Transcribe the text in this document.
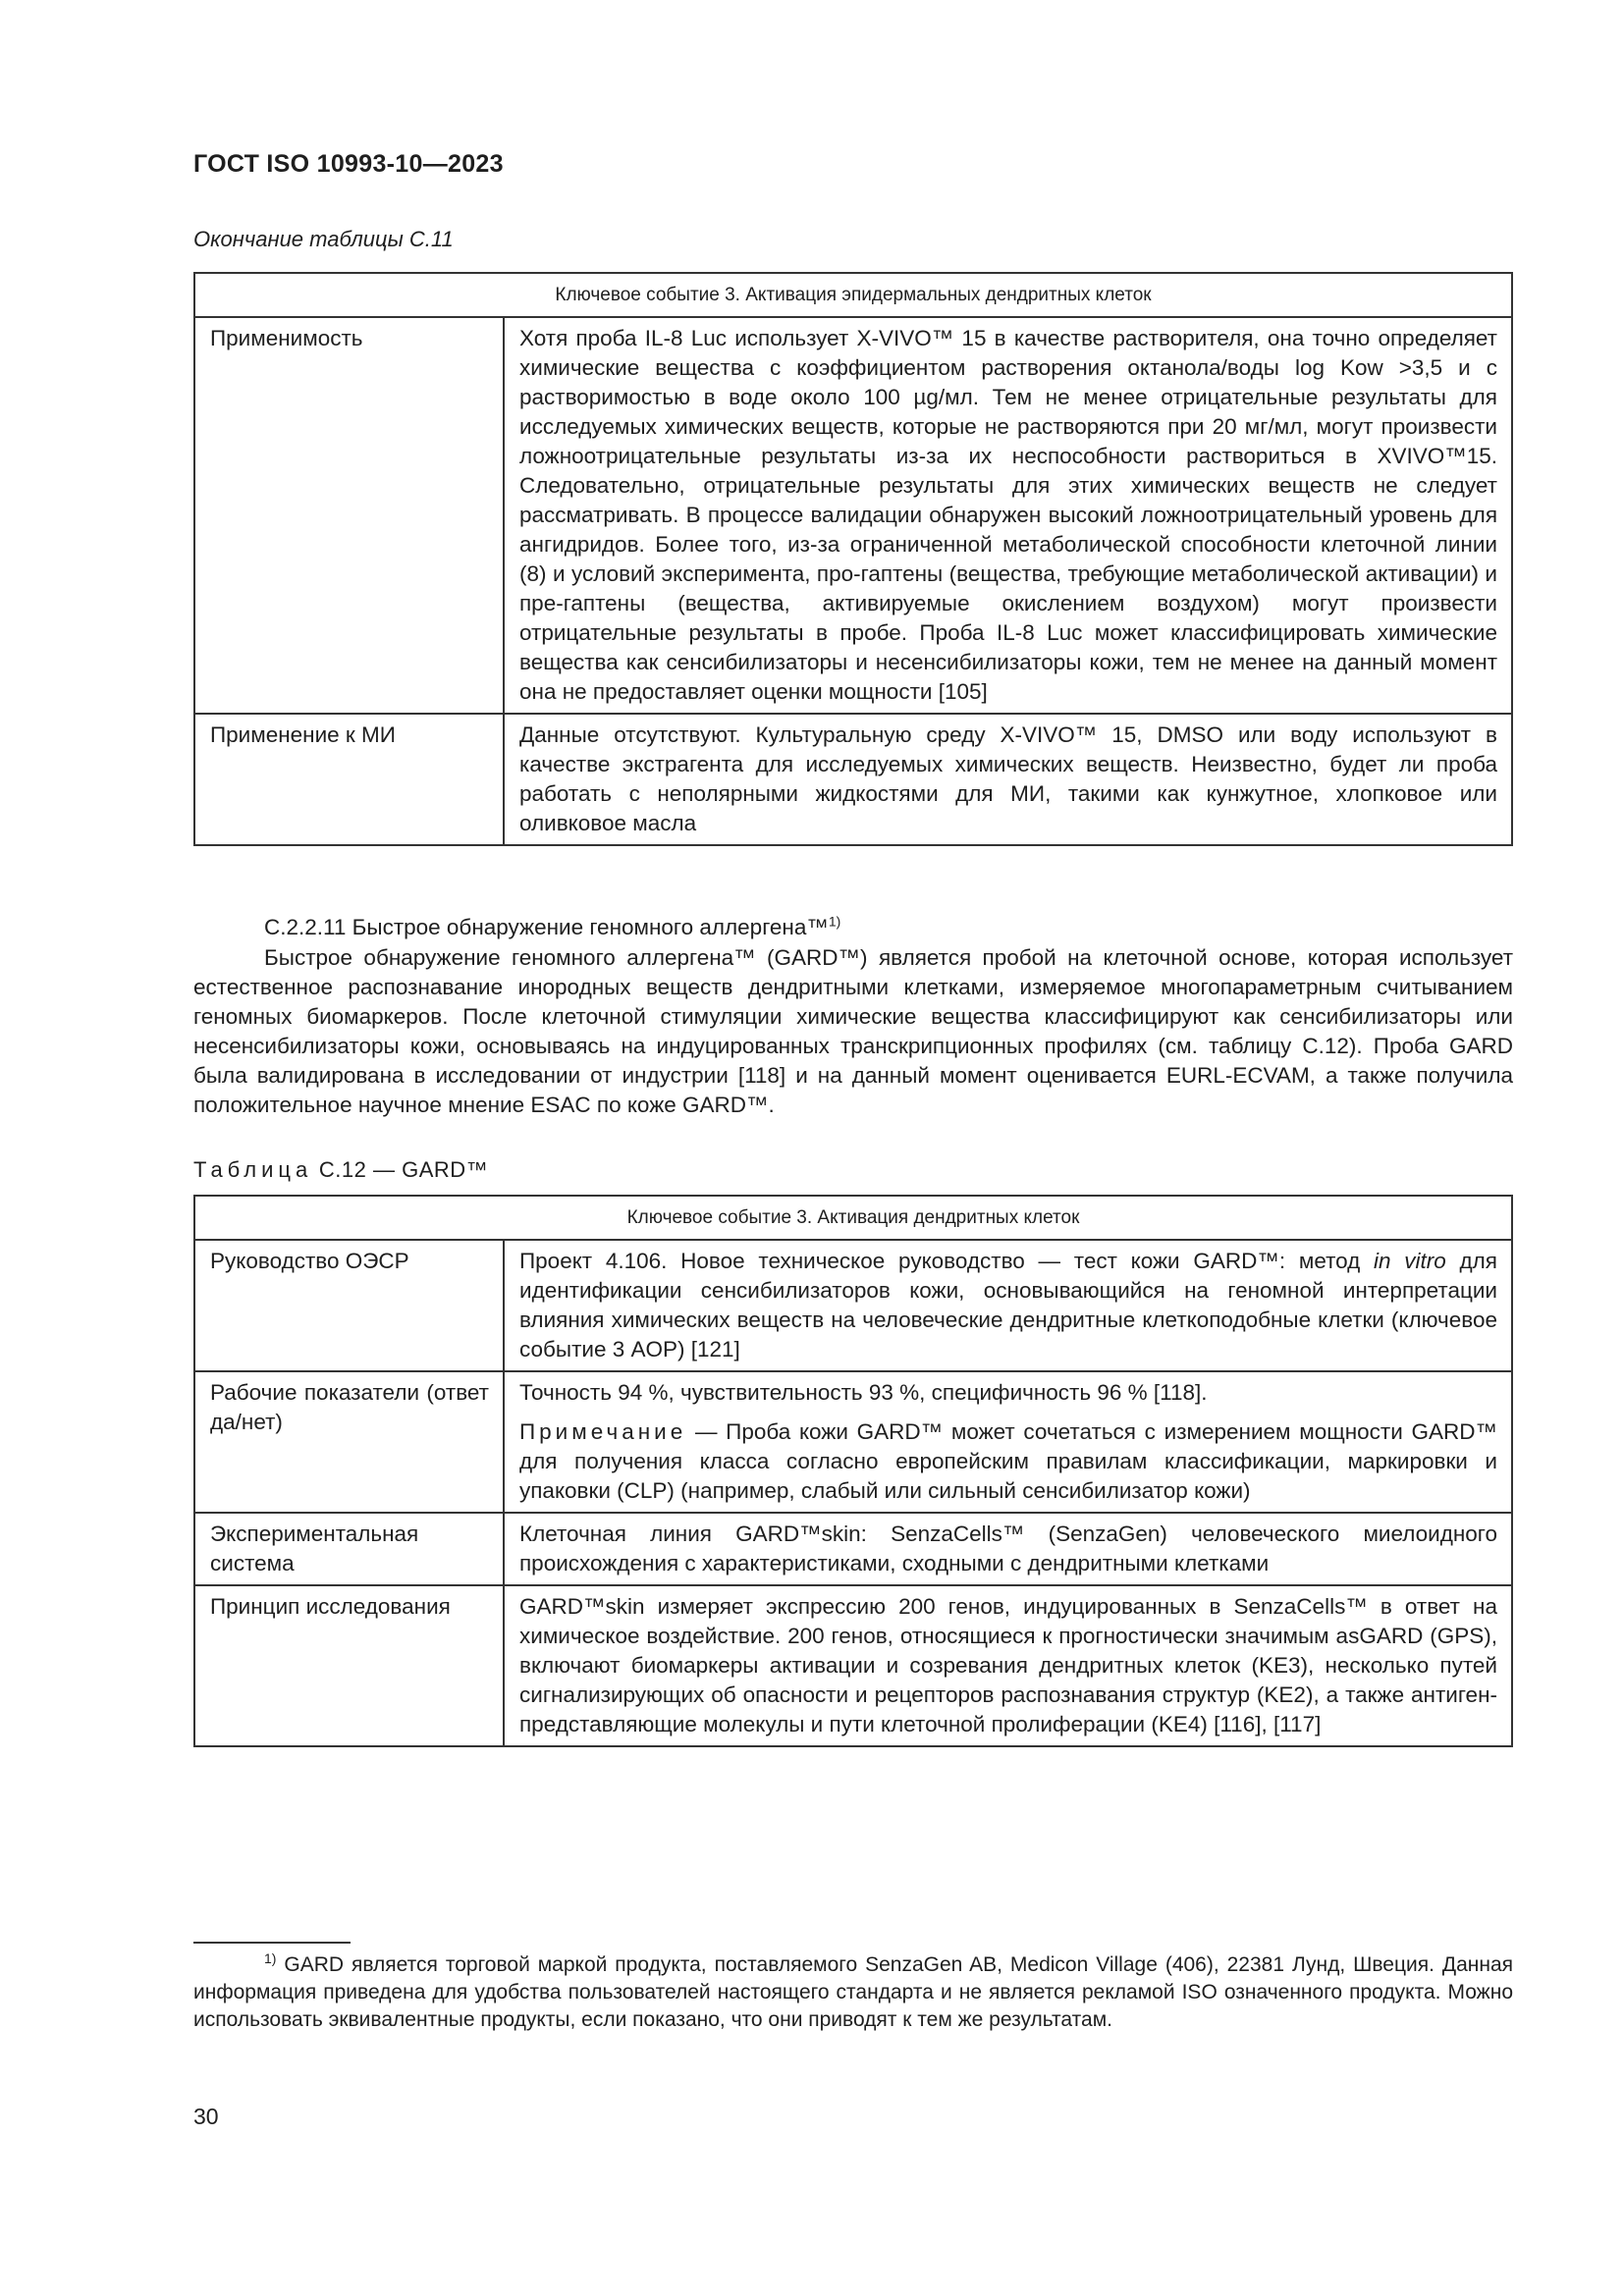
ГОСТ ISO 10993-10—2023
Окончание таблицы С.11
Ключевое событие 3. Активация эпидермальных дендритных клеток	
Применимость	Хотя проба IL-8 Luc использует X-VIVO™ 15 в качестве растворителя, она точно определяет химические вещества с коэффициентом растворения октанола/воды log Kow >3,5 и с растворимостью в воде около 100 µg/мл. Тем не менее отрицательные результаты для исследуемых химических веществ, которые не растворяются при 20 мг/мл, могут произвести ложноотрицательные результаты из-за их неспособности раствориться в XVIVO™15. Следовательно, отрицательные результаты для этих химических веществ не следует рассматривать. В процессе валидации обнаружен высокий ложноотрицательный уровень для ангидридов. Более того, из-за ограниченной метаболической способности клеточной линии (8) и условий эксперимента, про-гаптены (вещества, требующие метаболической активации) и пре-гаптены (вещества, активируемые окислением воздухом) могут произвести отрицательные результаты в пробе. Проба IL-8 Luc может классифицировать химические вещества как сенсибилизаторы и несенсибилизаторы кожи, тем не менее на данный момент она не предоставляет оценки мощности [105]
Применение к МИ	Данные отсутствуют. Культуральную среду X-VIVO™ 15, DMSO или воду используют в качестве экстрагента для исследуемых химических веществ. Неизвестно, будет ли проба работать с неполярными жидкостями для МИ, такими как кунжутное, хлопковое или оливковое масла
С.2.2.11 Быстрое обнаружение геномного аллергена™$^{1)}$
Быстрое обнаружение геномного аллергена™ (GARD™) является пробой на клеточной основе, которая использует естественное распознавание инородных веществ дендритными клетками, измеряемое многопараметрным считыванием геномных биомаркеров. После клеточной стимуляции химические вещества классифицируют как сенсибилизаторы или несенсибилизаторы кожи, основываясь на индуцированных транскрипционных профилях (см. таблицу С.12). Проба GARD была валидирована в исследовании от индустрии [118] и на данный момент оценивается EURL-ECVAM, а также получила положительное научное мнение ESAC по коже GARD™.
Таблица С.12 — GARD™
Ключевое событие 3. Активация дендритных клеток	
Руководство ОЭСР	Проект 4.106. Новое техническое руководство — тест кожи GARD™: метод in vitro для идентификации сенсибилизаторов кожи, основывающийся на геномной интерпретации влияния химических веществ на человеческие дендритные клеткоподобные клетки (ключевое событие 3 AOP) [121]
Рабочие показатели (ответ да/нет)	Точность 94 %, чувствительность 93 %, специфичность 96 % [118].
Примечание — Проба кожи GARD™ может сочетаться с измерением мощности GARD™ для получения класса согласно европейским правилам классификации, маркировки и упаковки (CLP) (например, слабый или сильный сенсибилизатор кожи)

Экспериментальная система	Клеточная линия GARD™skin: SenzaCells™ (SenzaGen) человеческого миелоидного происхождения с характеристиками, сходными с дендритными клетками
Принцип исследования	GARD™skin измеряет экспрессию 200 генов, индуцированных в SenzaCells™ в ответ на химическое воздействие. 200 генов, относящиеся к прогностически значимым asGARD (GPS), включают биомаркеры активации и созревания дендритных клеток (KE3), несколько путей сигнализирующих об опасности и рецепторов распознавания структур (KE2), а также антиген-представляющие молекулы и пути клеточной пролиферации (KE4) [116], [117]
$^{1)}$ GARD является торговой маркой продукта, поставляемого SenzaGen AB, Medicon Village (406), 22381 Лунд, Швеция. Данная информация приведена для удобства пользователей настоящего стандарта и не является рекламой ISO означенного продукта. Можно использовать эквивалентные продукты, если показано, что они приводят к тем же результатам.
30
